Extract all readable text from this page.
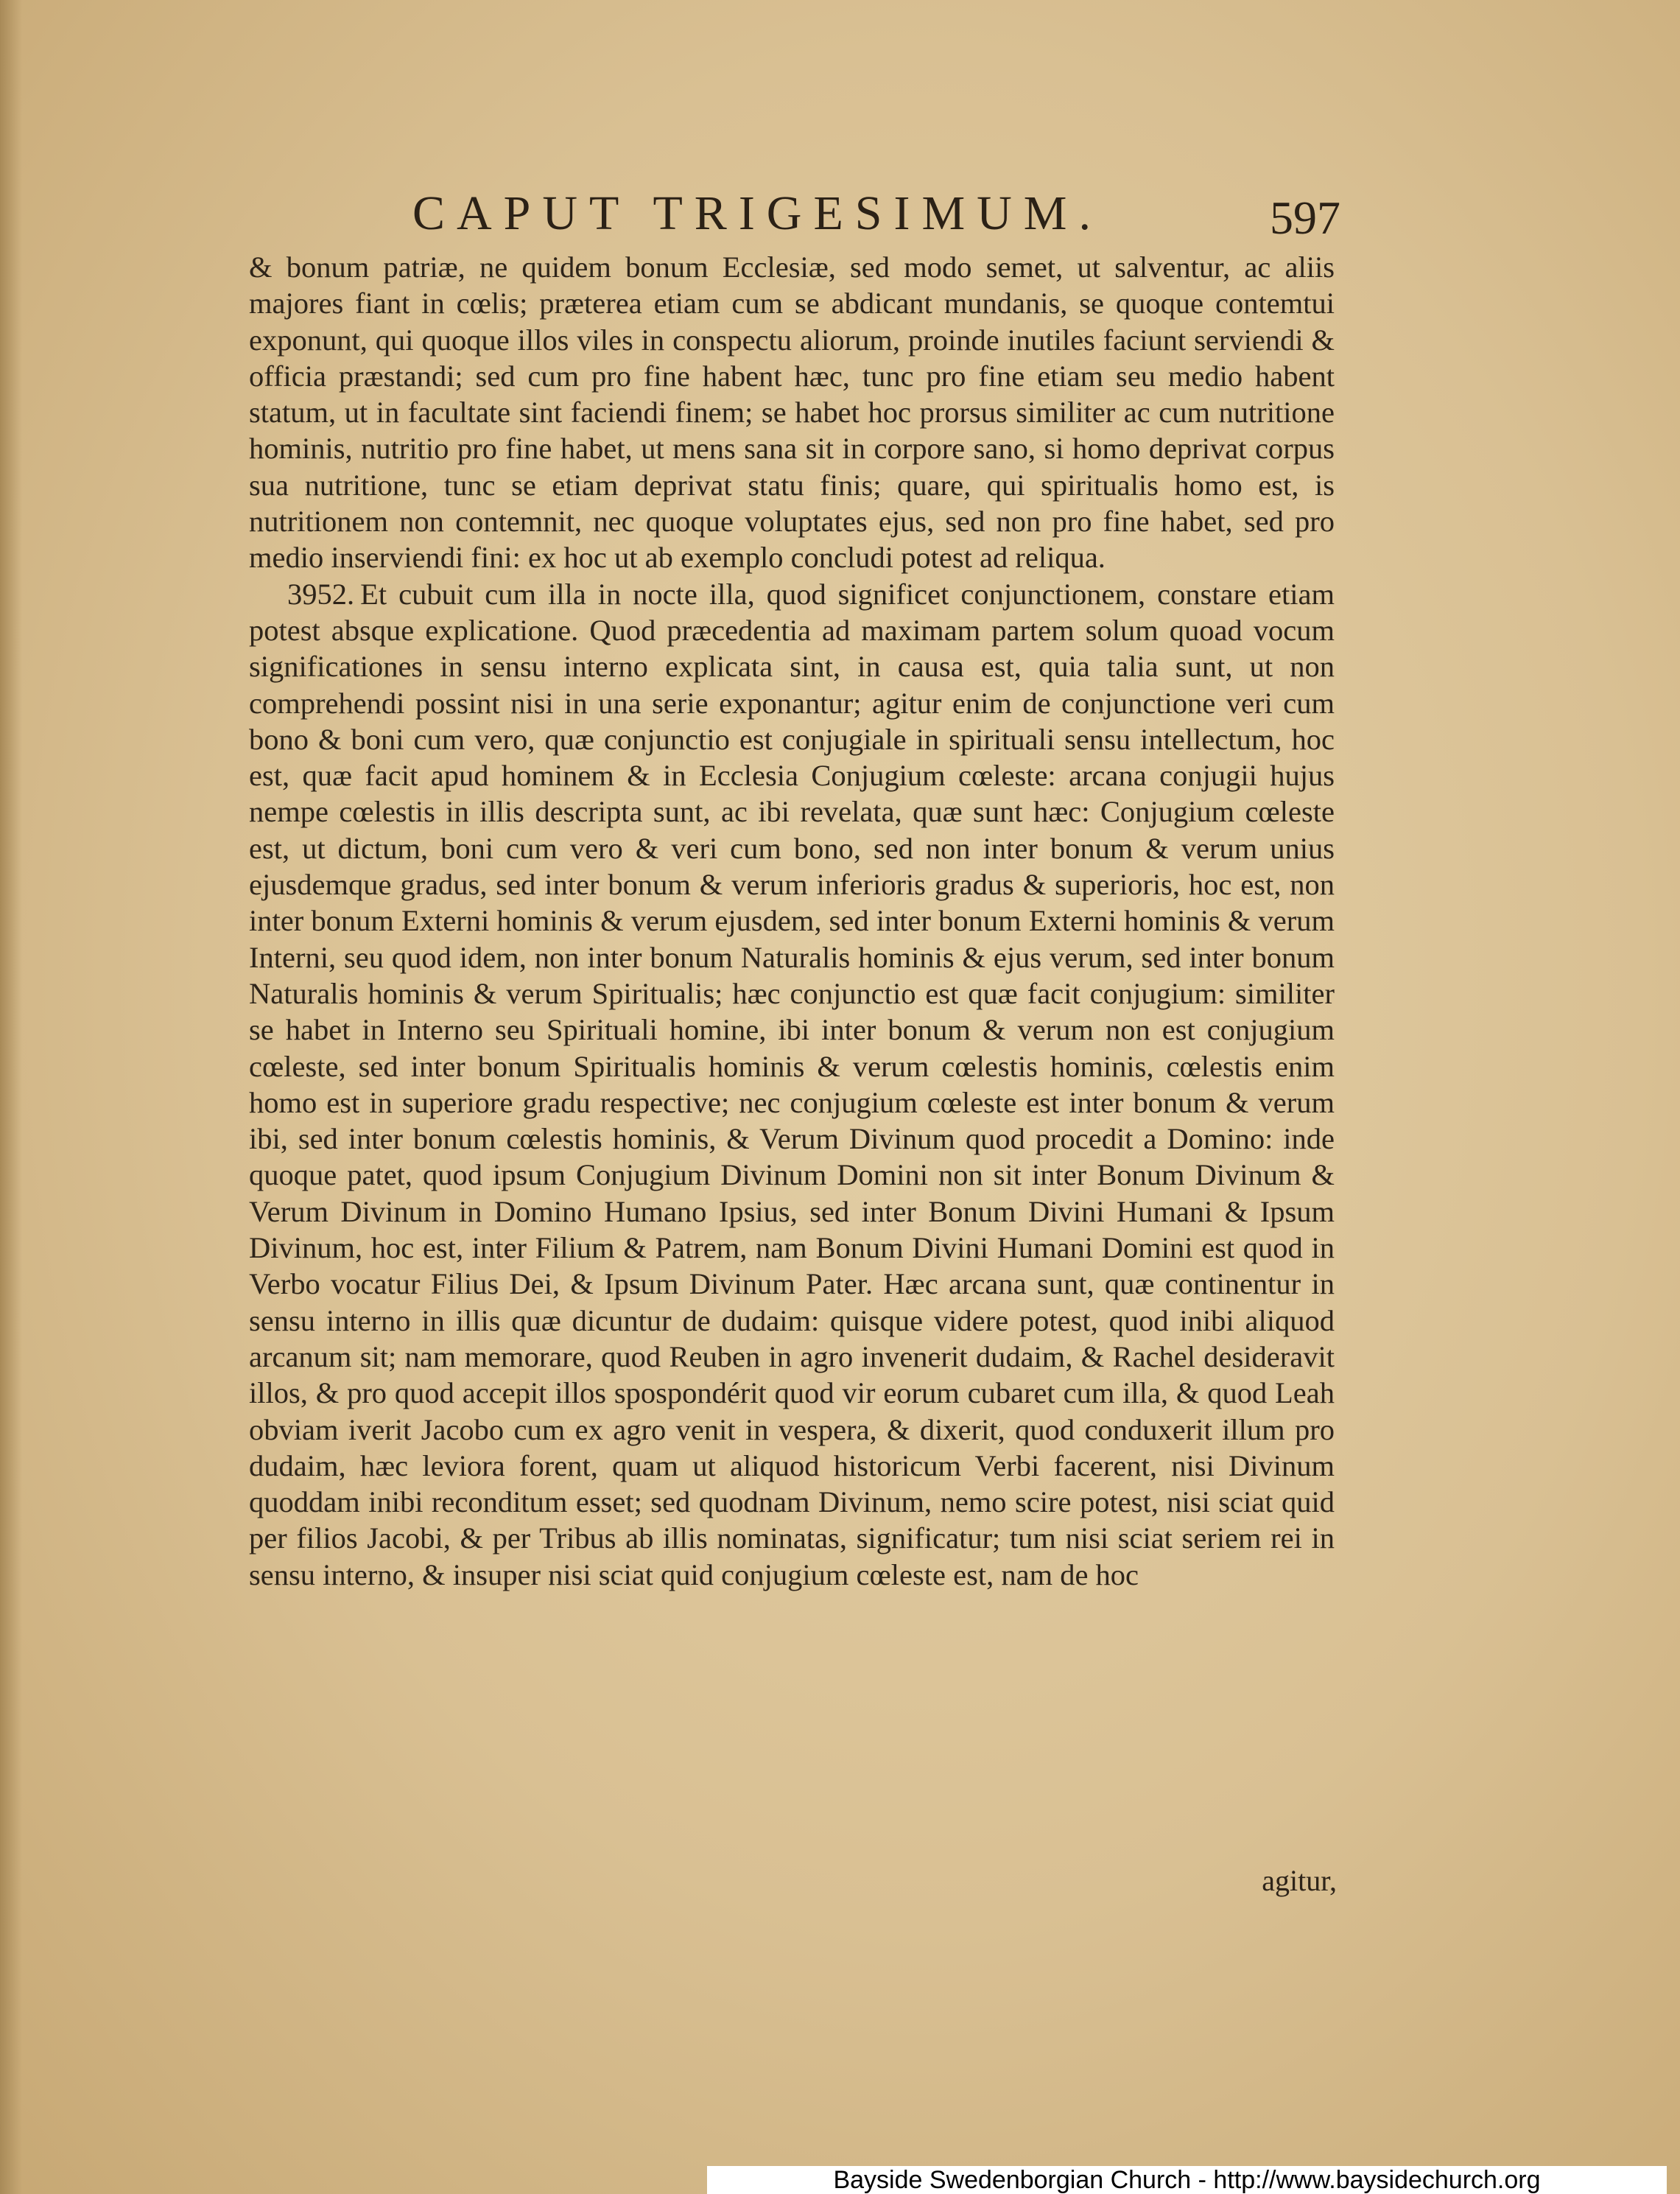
CAPUT TRIGESIMUM.	597

& bonum patriæ, ne quidem bonum Ecclesiæ, sed modo semet, ut salventur, ac aliis majores fiant in cœlis; præterea etiam cum se abdicant mundanis, se quoque contemtui exponunt, qui quoque illos viles in conspectu aliorum, proinde inutiles faciunt serviendi & officia præstandi; sed cum pro fine habent hæc, tunc pro fine etiam seu medio habent statum, ut in facultate sint faciendi finem; se habet hoc prorsus similiter ac cum nutritione hominis, nutritio pro fine habet, ut mens sana sit in corpore sano, si homo deprivat corpus sua nutritione, tunc se etiam deprivat statu finis; quare, qui spiritualis homo est, is nutritionem non contemnit, nec quoque voluptates ejus, sed non pro fine habet, sed pro medio inserviendi fini: ex hoc ut ab exemplo concludi potest ad reliqua.

3952. Et cubuit cum illa in nocte illa, quod significet conjunctionem, constare etiam potest absque explicatione. Quod præcedentia ad maximam partem solum quoad vocum significationes in sensu interno explicata sint, in causa est, quia talia sunt, ut non comprehendi possint nisi in una serie exponantur; agitur enim de conjunctione veri cum bono & boni cum vero, quæ conjunctio est conjugiale in spirituali sensu intellectum, hoc est, quæ facit apud hominem & in Ecclesia Conjugium cœleste: arcana conjugii hujus nempe cœlestis in illis descripta sunt, ac ibi revelata, quæ sunt hæc: Conjugium cœleste est, ut dictum, boni cum vero & veri cum bono, sed non inter bonum & verum unius ejusdemque gradus, sed inter bonum & verum inferioris gradus & superioris, hoc est, non inter bonum Externi hominis & verum ejusdem, sed inter bonum Externi hominis & verum Interni, seu quod idem, non inter bonum Naturalis hominis & ejus verum, sed inter bonum Naturalis hominis & verum Spiritualis; hæc conjunctio est quæ facit conjugium: similiter se habet in Interno seu Spirituali homine, ibi inter bonum & verum non est conjugium cœleste, sed inter bonum Spiritualis hominis & verum cœlestis hominis, cœlestis enim homo est in superiore gradu respective; nec conjugium cœleste est inter bonum & verum ibi, sed inter bonum cœlestis hominis, & Verum Divinum quod procedit a Domino: inde quoque patet, quod ipsum Conjugium Divinum Domini non sit inter Bonum Divinum & Verum Divinum in Domino Humano Ipsius, sed inter Bonum Divini Humani & Ipsum Divinum, hoc est, inter Filium & Patrem, nam Bonum Divini Humani Domini est quod in Verbo vocatur Filius Dei, & Ipsum Divinum Pater. Hæc arcana sunt, quæ continentur in sensu interno in illis quæ dicuntur de dudaim: quisque videre potest, quod inibi aliquod arcanum sit; nam memorare, quod Reuben in agro invenerit dudaim, & Rachel desideravit illos, & pro quod accepit illos spospondérit quod vir eorum cubaret cum illa, & quod Leah obviam iverit Jacobo cum ex agro venit in vespera, & dixerit, quod conduxerit illum pro dudaim, hæc leviora forent, quam ut aliquod historicum Verbi facerent, nisi Divinum quoddam inibi reconditum esset; sed quodnam Divinum, nemo scire potest, nisi sciat quid per filios Jacobi, & per Tribus ab illis nominatas, significatur; tum nisi sciat seriem rei in sensu interno, & insuper nisi sciat quid conjugium cœleste est, nam de hoc

agitur,
Bayside Swedenborgian Church - http://www.baysidechurch.org
